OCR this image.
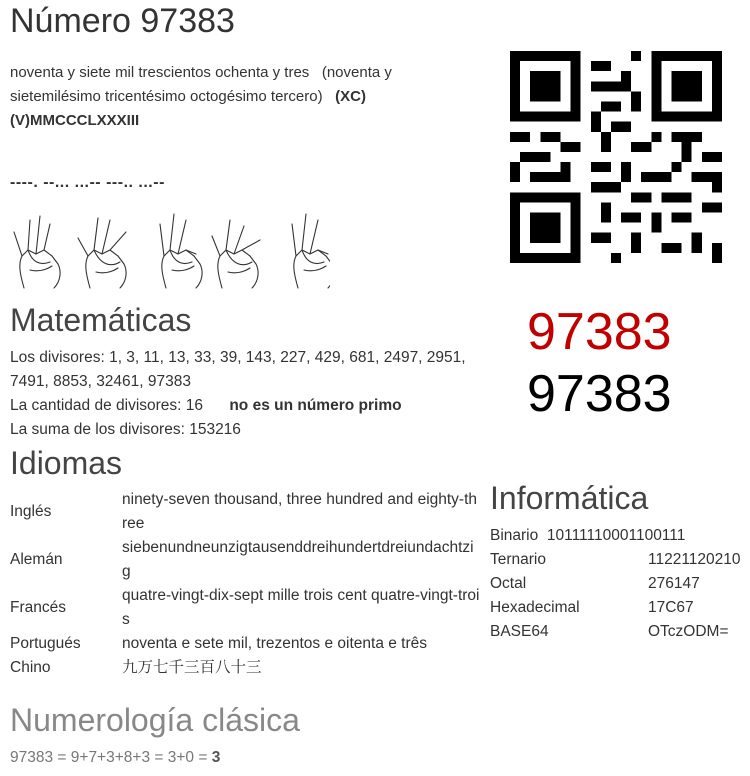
Número 97383
noventa y siete mil trescientos ochenta y tres (noventa y sietemilésimo tricentésimo octogésimo tercero) (XC)(V)MMCCCLXXXIII
----. --... ...-- ---.. ...--
97383
97383
Matemáticas

Los divisores: 1, 3, 11, 13, 33, 39, 143, 227, 429, 681, 2497, 2951, 7491, 8853, 32461, 97383

La cantidad de divisores: 16 no es un número primo

La suma de los divisores: 153216

Idiomas
Inglés	ninety-seven thousand, three hundred and eighty-three
Alemán	siebenundneunzigtausenddreihundertdreiundachtzig
Francés	quatre-vingt-dix-sept mille trois cent quatre-vingt-trois
Portugués	noventa e sete mil, trezentos e oitenta e três
Chino	九万七千三百八十三
Informática
Binario 10111110001100111	
Ternario	11221120210
Octal	276147
Hexadecimal	17C67
BASE64	OTczODM=
Numerología clásica
97383 = 9+7+3+8+3 = 3+0 = 3
